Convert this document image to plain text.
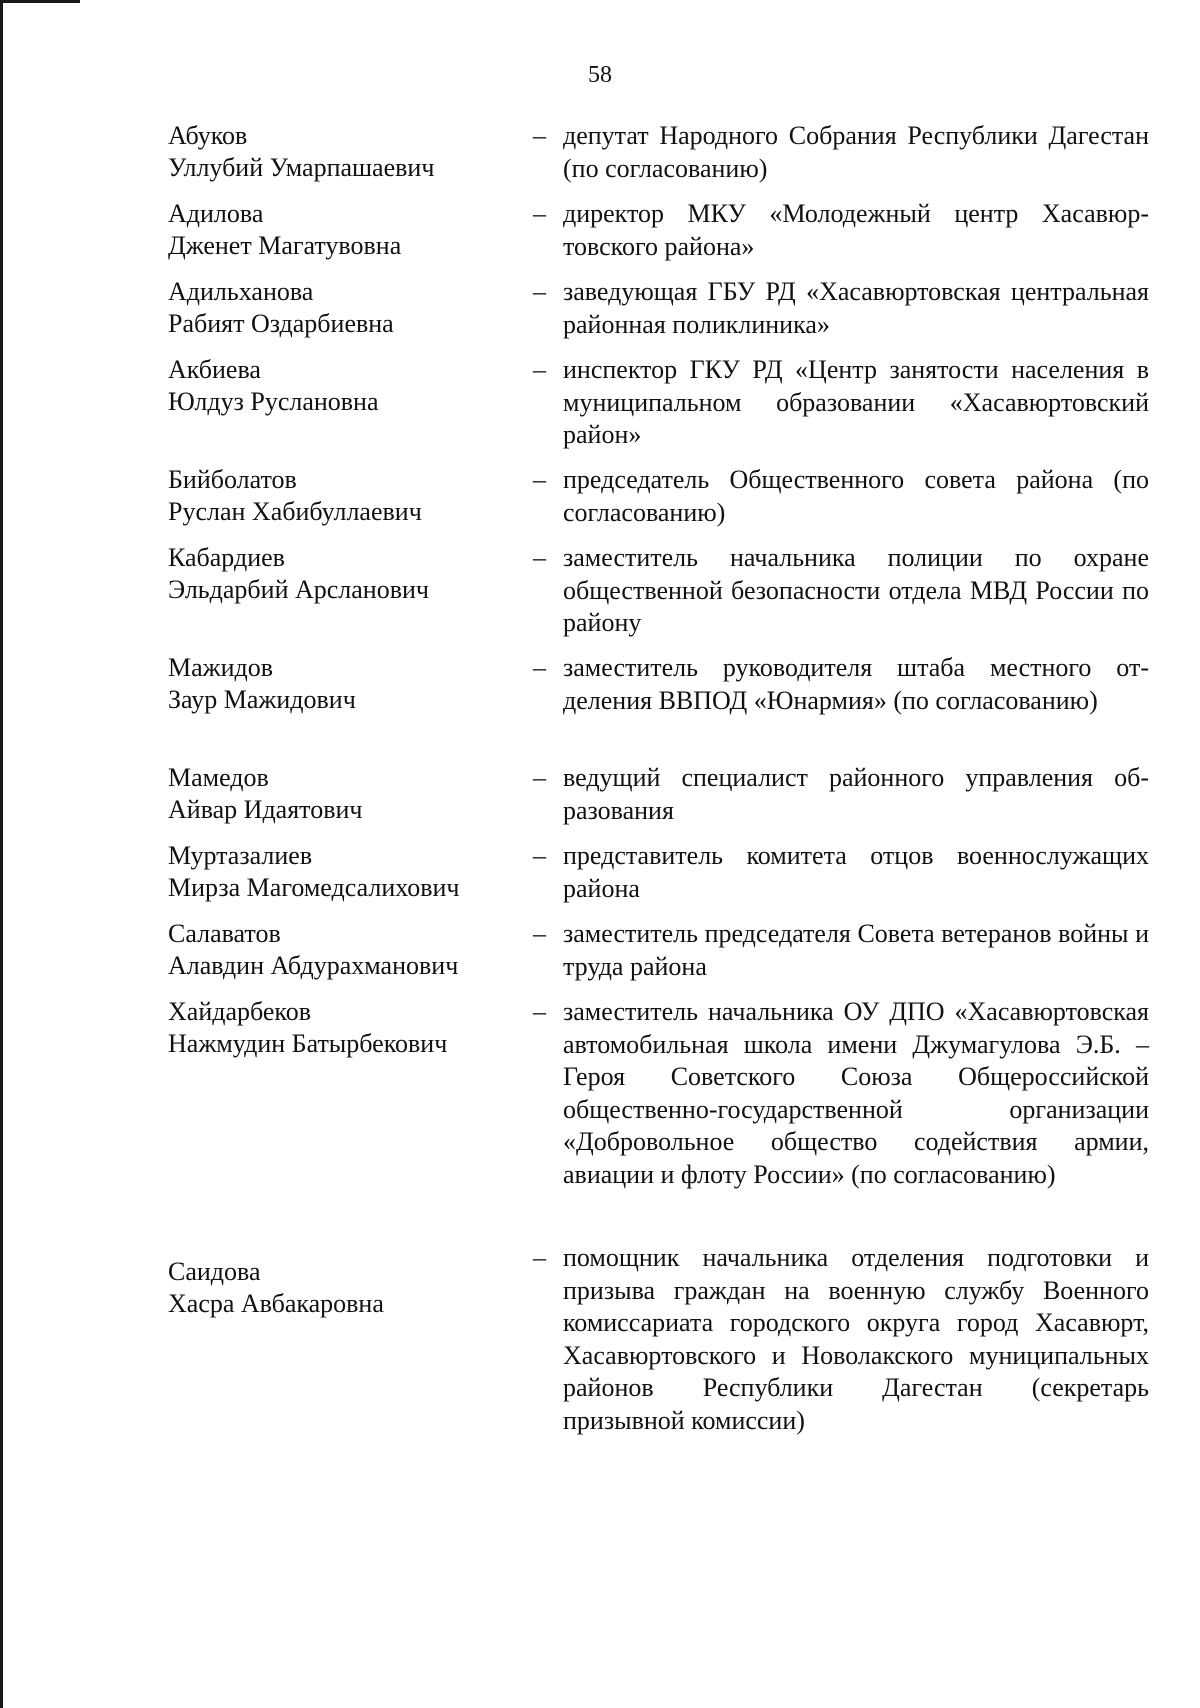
58
Абуков
Уллубий Умарпашаевич
– депутат Народного Собрания Республики Дагестан (по согласованию)
Адилова
Дженет Магатувовна
– директор МКУ «Молодежный центр Хасавюртовского района»
Адильханова
Рабият Оздарбиевна
– заведующая ГБУ РД «Хасавюртовская центральная районная поликлиника»
Акбиева
Юлдуз Руслановна
– инспектор ГКУ РД «Центр занятости населения в муниципальном образовании «Хасавюртовский район»
Бийболатов
Руслан Хабибуллаевич
– председатель Общественного совета района (по согласованию)
Кабардиев
Эльдарбий Арсланович
– заместитель начальника полиции по охране общественной безопасности отдела МВД России по району
Мажидов
Заур Мажидович
– заместитель руководителя штаба местного отделения ВВПОД «Юнармия» (по согласованию)
Мамедов
Айвар Идаятович
– ведущий специалист районного управления образования
Муртазалиев
Мирза Магомедсалихович
– представитель комитета отцов военнослужащих района
Салаватов
Алавдин Абдурахманович
– заместитель председателя Совета ветеранов войны и труда района
Хайдарбеков
Нажмудин Батырбекович
– заместитель начальника ОУ ДПО «Хасавюртовская автомобильная школа имени Джумагулова Э.Б. – Героя Советского Союза Общероссийской общественно-государственной организации «Добровольное общество содействия армии, авиации и флоту России» (по согласованию)
Саидова
Хасра Авбакаровна
– помощник начальника отделения подготовки и призыва граждан на военную службу Военного комиссариата городского округа город Хасавюрт, Хасавюртовского и Новолакского муниципальных районов Республики Дагестан (секретарь призывной комиссии)
